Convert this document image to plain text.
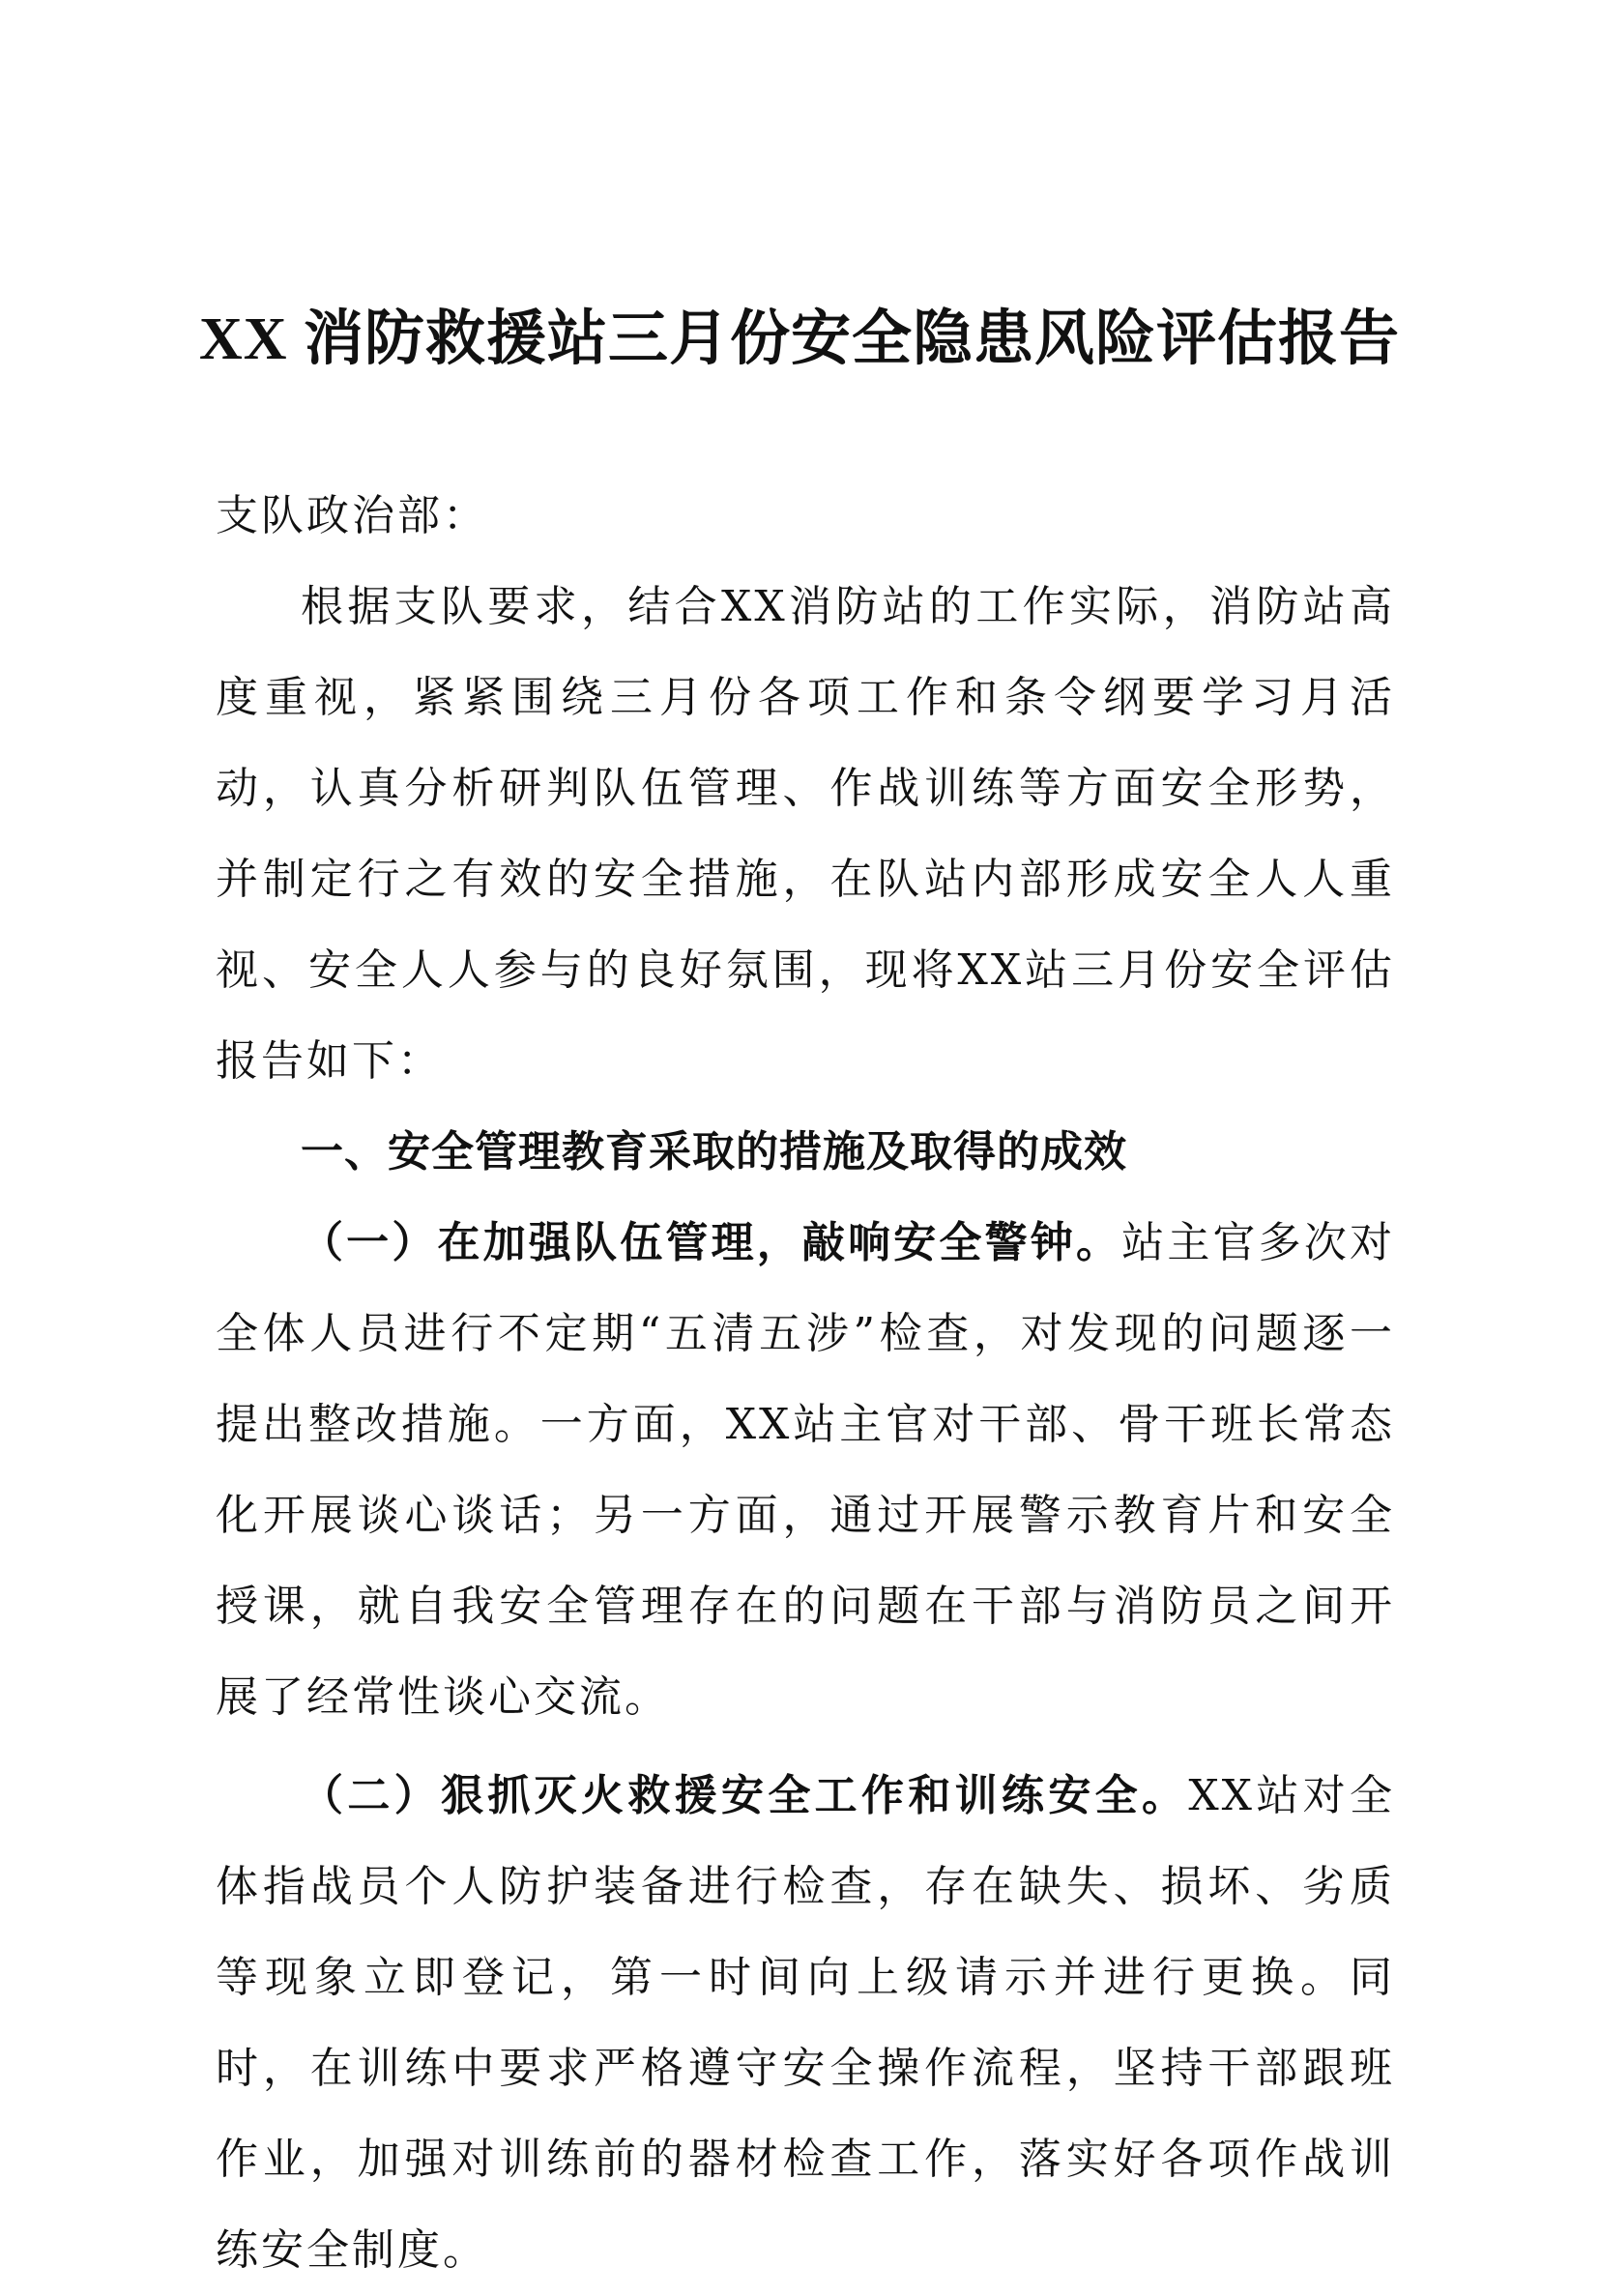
XX 消防救援站三月份安全隐患风险评估报告

支队政治部：

根据支队要求，结合XX消防站的工作实际，消防站高度重视，紧紧围绕三月份各项工作和条令纲要学习月活动，认真分析研判队伍管理、作战训练等方面安全形势，并制定行之有效的安全措施，在队站内部形成安全人人重视、安全人人参与的良好氛围，现将XX站三月份安全评估报告如下：

一、安全管理教育采取的措施及取得的成效

（一）在加强队伍管理，敲响安全警钟。站主官多次对全体人员进行不定期“五清五涉”检查，对发现的问题逐一提出整改措施。一方面，XX站主官对干部、骨干班长常态化开展谈心谈话；另一方面，通过开展警示教育片和安全授课，就自我安全管理存在的问题在干部与消防员之间开展了经常性谈心交流。

（二）狠抓灭火救援安全工作和训练安全。XX站对全体指战员个人防护装备进行检查，存在缺失、损坏、劣质等现象立即登记，第一时间向上级请示并进行更换。同时，在训练中要求严格遵守安全操作流程，坚持干部跟班作业，加强对训练前的器材检查工作，落实好各项作战训练安全制度。
